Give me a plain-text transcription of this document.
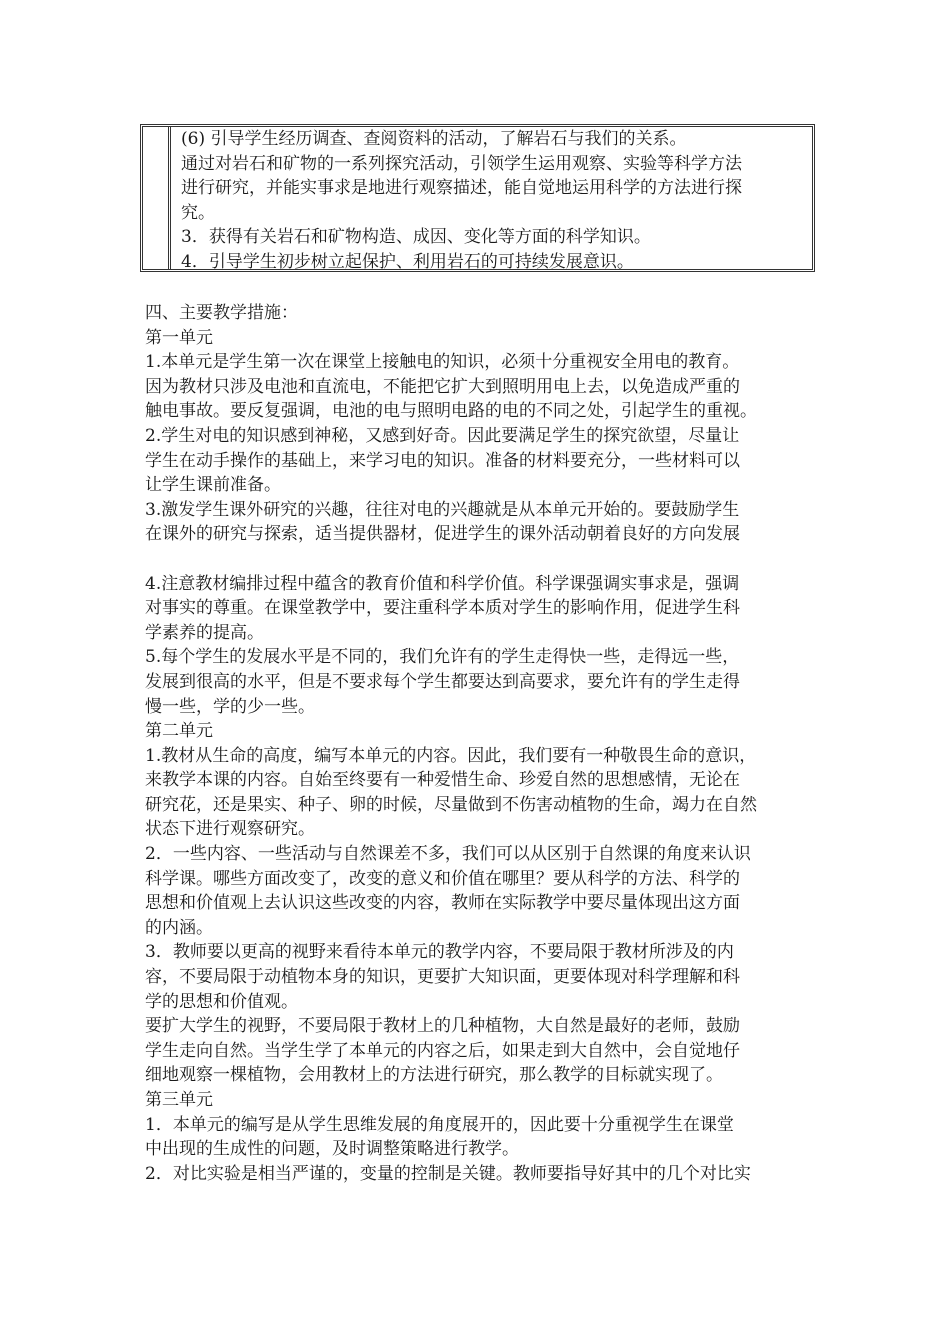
(6) 引导学生经历调查、查阅资料的活动，了解岩石与我们的关系。
通过对岩石和矿物的一系列探究活动，引领学生运用观察、实验等科学方法
进行研究，并能实事求是地进行观察描述，能自觉地运用科学的方法进行探
究。
3．获得有关岩石和矿物构造、成因、变化等方面的科学知识。
4．引导学生初步树立起保护、利用岩石的可持续发展意识。
四、主要教学措施：
第一单元
1.本单元是学生第一次在课堂上接触电的知识，必须十分重视安全用电的教育。
因为教材只涉及电池和直流电，不能把它扩大到照明用电上去，以免造成严重的
触电事故。要反复强调，电池的电与照明电路的电的不同之处，引起学生的重视。
2.学生对电的知识感到神秘，又感到好奇。因此要满足学生的探究欲望，尽量让
学生在动手操作的基础上，来学习电的知识。准备的材料要充分，一些材料可以
让学生课前准备。
3.激发学生课外研究的兴趣，往往对电的兴趣就是从本单元开始的。要鼓励学生
在课外的研究与探索，适当提供器材，促进学生的课外活动朝着良好的方向发展
4.注意教材编排过程中蕴含的教育价值和科学价值。科学课强调实事求是，强调
对事实的尊重。在课堂教学中，要注重科学本质对学生的影响作用，促进学生科
学素养的提高。
5.每个学生的发展水平是不同的，我们允许有的学生走得快一些，走得远一些，
发展到很高的水平，但是不要求每个学生都要达到高要求，要允许有的学生走得
慢一些，学的少一些。
第二单元
1.教材从生命的高度，编写本单元的内容。因此，我们要有一种敬畏生命的意识，
来教学本课的内容。自始至终要有一种爱惜生命、珍爱自然的思想感情，无论在
研究花，还是果实、种子、卵的时候，尽量做到不伤害动植物的生命，竭力在自然
状态下进行观察研究。
2．一些内容、一些活动与自然课差不多，我们可以从区别于自然课的角度来认识
科学课。哪些方面改变了，改变的意义和价值在哪里？要从科学的方法、科学的
思想和价值观上去认识这些改变的内容，教师在实际教学中要尽量体现出这方面
的内涵。
3．教师要以更高的视野来看待本单元的教学内容，不要局限于教材所涉及的内
容，不要局限于动植物本身的知识，更要扩大知识面，更要体现对科学理解和科
学的思想和价值观。
要扩大学生的视野，不要局限于教材上的几种植物，大自然是最好的老师，鼓励
学生走向自然。当学生学了本单元的内容之后，如果走到大自然中，会自觉地仔
细地观察一棵植物，会用教材上的方法进行研究，那么教学的目标就实现了。
第三单元
1．本单元的编写是从学生思维发展的角度展开的，因此要十分重视学生在课堂
中出现的生成性的问题，及时调整策略进行教学。
2．对比实验是相当严谨的，变量的控制是关键。教师要指导好其中的几个对比实
